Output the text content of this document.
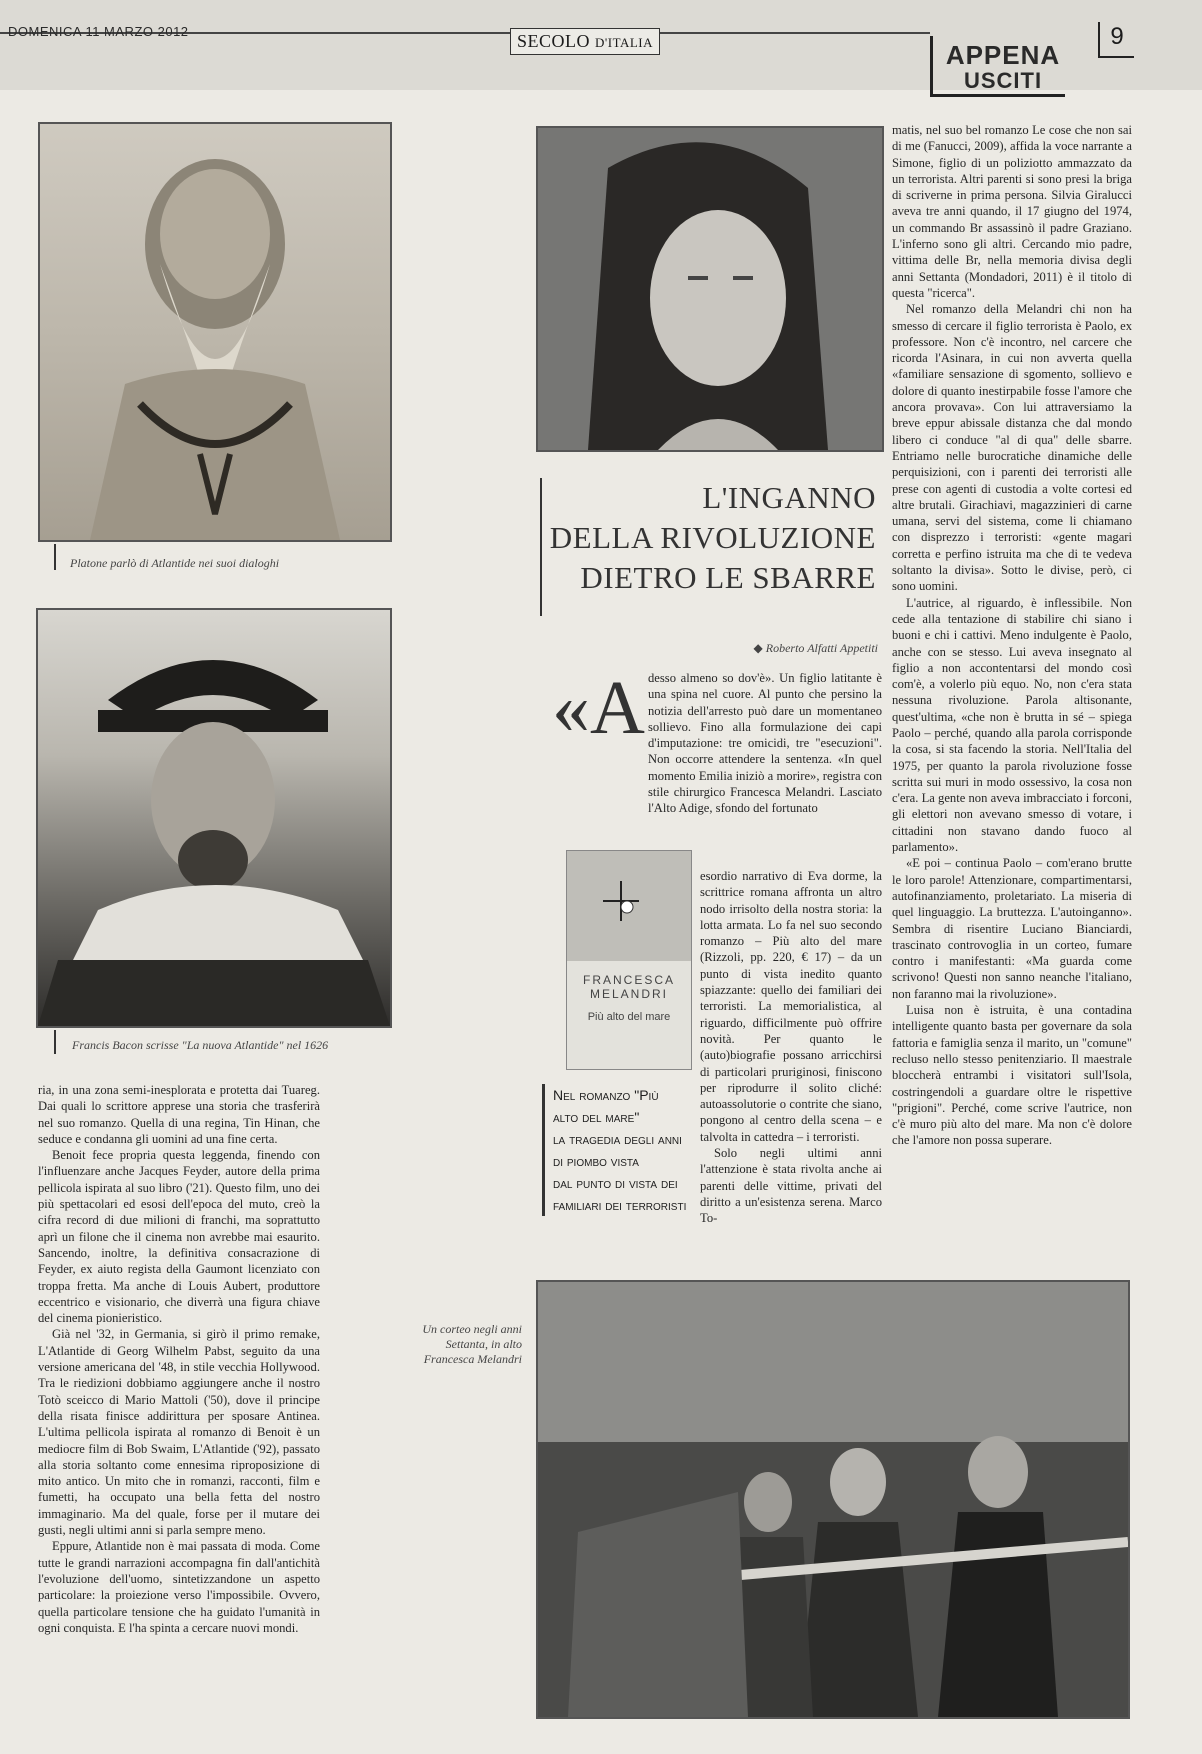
DOMENICA 11 MARZO 2012	SECOLO D'ITALIA	APPENA
USCITI
9
Platone parlò di Atlantide nei suoi dialoghi
Francis Bacon scrisse "La nuova Atlantide" nel 1626

ria, in una zona semi-inesplorata e protetta dai Tuareg. Dai quali lo scrittore apprese una storia che trasferirà nel suo romanzo. Quella di una regina, Tin Hinan, che seduce e condanna gli uomini ad una fine certa.

Benoit fece propria questa leggenda, finendo con l'influenzare anche Jacques Feyder, autore della prima pellicola ispirata al suo libro ('21). Questo film, uno dei più spettacolari ed esosi dell'epoca del muto, creò la cifra record di due milioni di franchi, ma soprattutto aprì un filone che il cinema non avrebbe mai esaurito. Sancendo, inoltre, la definitiva consacrazione di Feyder, ex aiuto regista della Gaumont licenziato con troppa fretta. Ma anche di Louis Aubert, produttore eccentrico e visionario, che diverrà una figura chiave del cinema pionieristico.

Già nel '32, in Germania, si girò il primo remake, L'Atlantide di Georg Wilhelm Pabst, seguito da una versione americana del '48, in stile vecchia Hollywood. Tra le riedizioni dobbiamo aggiungere anche il nostro Totò sceicco di Mario Mattoli ('50), dove il principe della risata finisce addirittura per sposare Antinea. L'ultima pellicola ispirata al romanzo di Benoit è un mediocre film di Bob Swaim, L'Atlantide ('92), passato alla storia soltanto come ennesima riproposizione di mito antico. Un mito che in romanzi, racconti, film e fumetti, ha occupato una bella fetta del nostro immaginario. Ma del quale, forse per il mutare dei gusti, negli ultimi anni si parla sempre meno.

Eppure, Atlantide non è mai passata di moda. Come tutte le grandi narrazioni accompagna fin dall'antichità l'evoluzione dell'uomo, sintetizzandone un aspetto particolare: la proiezione verso l'impossibile. Ovvero, quella particolare tensione che ha guidato l'umanità in ogni conquista. E l'ha spinta a cercare nuovi mondi.

L'INGANNO
DELLA RIVOLUZIONE
DIETRO LE SBARRE
◆ Roberto Alfatti Appetiti
«A desso almeno so dov'è». Un figlio latitante è una spina nel cuore. Al punto che persino la notizia dell'arresto può dare un momentaneo sollievo. Fino alla formulazione dei capi d'imputazione: tre omicidi, tre "esecuzioni". Non occorre attendere la sentenza. «In quel momento Emilia iniziò a morire», registra con stile chirurgico Francesca Melandri. Lasciato l'Alto Adige, sfondo del fortunato

FRANCESCA
MELANDRI
Più alto del mare

esordio narrativo di Eva dorme, la scrittrice romana affronta un altro nodo irrisolto della nostra storia: la lotta armata. Lo fa nel suo secondo romanzo – Più alto del mare (Rizzoli, pp. 220, € 17) – da un punto di vista inedito quanto spiazzante: quello dei familiari dei terroristi. La memorialistica, al riguardo, difficilmente può offrire novità. Per quanto le (auto)biografie possano arricchirsi di particolari pruriginosi, finiscono per riprodurre il solito cliché: autoassolutorie o contrite che siano, pongono al centro della scena – e talvolta in cattedra – i terroristi.

Solo negli ultimi anni l'attenzione è stata rivolta anche ai parenti delle vittime, privati del diritto a un'esistenza serena. Marco To-

Nel romanzo "Più
alto del mare"
la tragedia degli anni
di piombo vista
dal punto di vista dei
familiari dei terroristi

matis, nel suo bel romanzo Le cose che non sai di me (Fanucci, 2009), affida la voce narrante a Simone, figlio di un poliziotto ammazzato da un terrorista. Altri parenti si sono presi la briga di scriverne in prima persona. Silvia Giralucci aveva tre anni quando, il 17 giugno del 1974, un commando Br assassinò il padre Graziano. L'inferno sono gli altri. Cercando mio padre, vittima delle Br, nella memoria divisa degli anni Settanta (Mondadori, 2011) è il titolo di questa "ricerca".

Nel romanzo della Melandri chi non ha smesso di cercare il figlio terrorista è Paolo, ex professore. Non c'è incontro, nel carcere che ricorda l'Asinara, in cui non avverta quella «familiare sensazione di sgomento, sollievo e dolore di quanto inestirpabile fosse l'amore che ancora provava». Con lui attraversiamo la breve eppur abissale distanza che dal mondo libero ci conduce "al di qua" delle sbarre. Entriamo nelle burocratiche dinamiche delle perquisizioni, con i parenti dei terroristi alle prese con agenti di custodia a volte cortesi ed altre brutali. Girachiavi, magazzinieri di carne umana, servi del sistema, come li chiamano con disprezzo i terroristi: «gente magari corretta e perfino istruita ma che di te vedeva soltanto la divisa». Sotto le divise, però, ci sono uomini.

L'autrice, al riguardo, è inflessibile. Non cede alla tentazione di stabilire chi siano i buoni e chi i cattivi. Meno indulgente è Paolo, anche con se stesso. Lui aveva insegnato al figlio a non accontentarsi del mondo così com'è, a volerlo più equo. No, non c'era stata nessuna rivoluzione. Parola altisonante, quest'ultima, «che non è brutta in sé – spiega Paolo – perché, quando alla parola corrisponde la cosa, si sta facendo la storia. Nell'Italia del 1975, per quanto la parola rivoluzione fosse scritta sui muri in modo ossessivo, la cosa non c'era. La gente non aveva imbracciato i forconi, gli elettori non avevano smesso di votare, i cittadini non stavano dando fuoco al parlamento».

«E poi – continua Paolo – com'erano brutte le loro parole! Attenzionare, compartimentarsi, autofinanziamento, proletariato. La miseria di quel linguaggio. La bruttezza. L'autoinganno». Sembra di risentire Luciano Bianciardi, trascinato controvoglia in un corteo, fumare contro i manifestanti: «Ma guarda come scrivono! Questi non sanno neanche l'italiano, non faranno mai la rivoluzione».

Luisa non è istruita, è una contadina intelligente quanto basta per governare da sola fattoria e famiglia senza il marito, un "comune" recluso nello stesso penitenziario. Il maestrale bloccherà entrambi i visitatori sull'Isola, costringendoli a guardare oltre le rispettive "prigioni". Perché, come scrive l'autrice, non c'è muro più alto del mare. Ma non c'è dolore che l'amore non possa superare.

Un corteo negli anni
Settanta, in alto
Francesca Melandri
